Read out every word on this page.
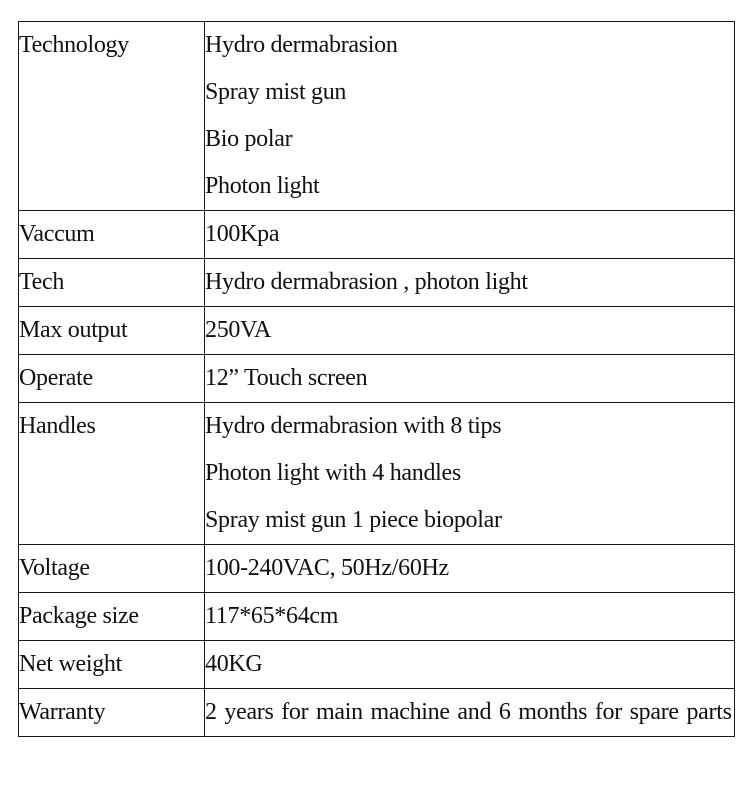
Technology	Hydro dermabrasion
Spray mist gun
Bio polar
Photon light

Vaccum	100Kpa

Tech	Hydro dermabrasion , photon light

Max output	250VA

Operate	12” Touch screen

Handles	Hydro dermabrasion with 8 tips
Photon light with 4 handles
Spray mist gun 1 piece biopolar

Voltage	100-240VAC, 50Hz/60Hz

Package size	117*65*64cm

Net weight	40KG

Warranty	2 years for main machine and 6 months for spare parts
